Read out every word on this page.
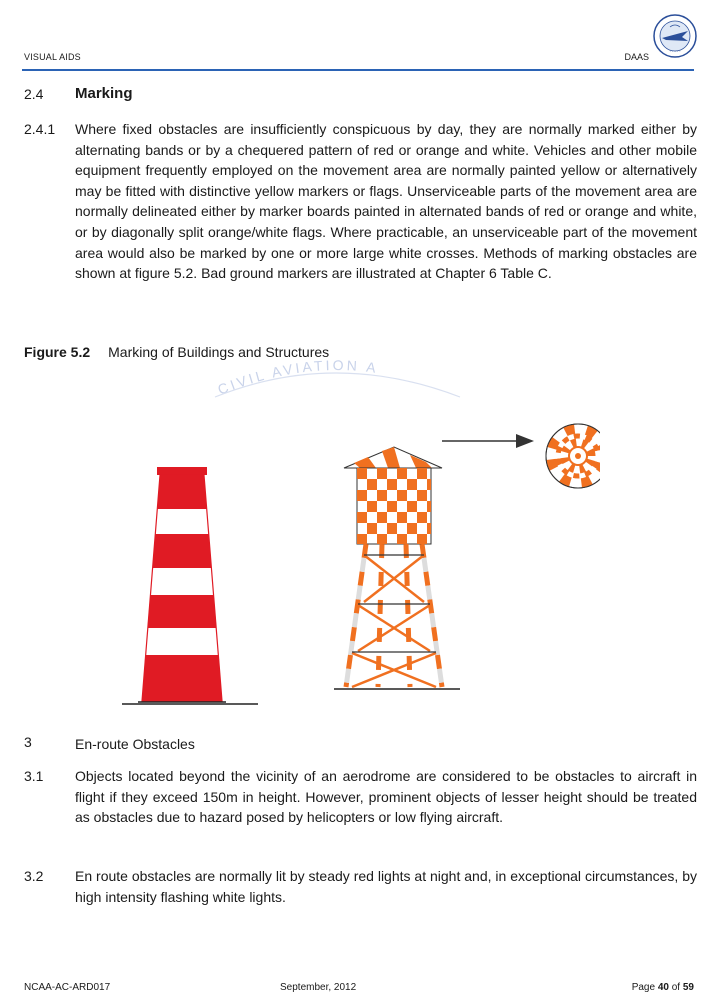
VISUAL AIDS	DAAS
· · · · ·
2.4 Marking
2.4.1 Where fixed obstacles are insufficiently conspicuous by day, they are normally marked either by alternating bands or by a chequered pattern of red or orange and white. Vehicles and other mobile equipment frequently employed on the movement area are normally painted yellow or alternatively may be fitted with distinctive yellow markers or flags. Unserviceable parts of the movement area are normally delineated either by marker boards painted in alternated bands of red or orange and white, or by diagonally split orange/white flags. Where practicable, an unserviceable part of the movement area would also be marked by one or more large white crosses. Methods of marking obstacles are shown at figure 5.2. Bad ground markers are illustrated at Chapter 6 Table C.
Figure 5.2 Marking of Buildings and Structures
CIVIL AVIATION A
3	En-route Obstacles
3.1 Objects located beyond the vicinity of an aerodrome are considered to be obstacles to aircraft in flight if they exceed 150m in height. However, prominent objects of lesser height should be treated as obstacles due to hazard posed by helicopters or low flying aircraft.
3.2 En route obstacles are normally lit by steady red lights at night and, in exceptional circumstances, by high intensity flashing white lights.
NCAA-AC-ARD017	September, 2012	Page 40 of 59
